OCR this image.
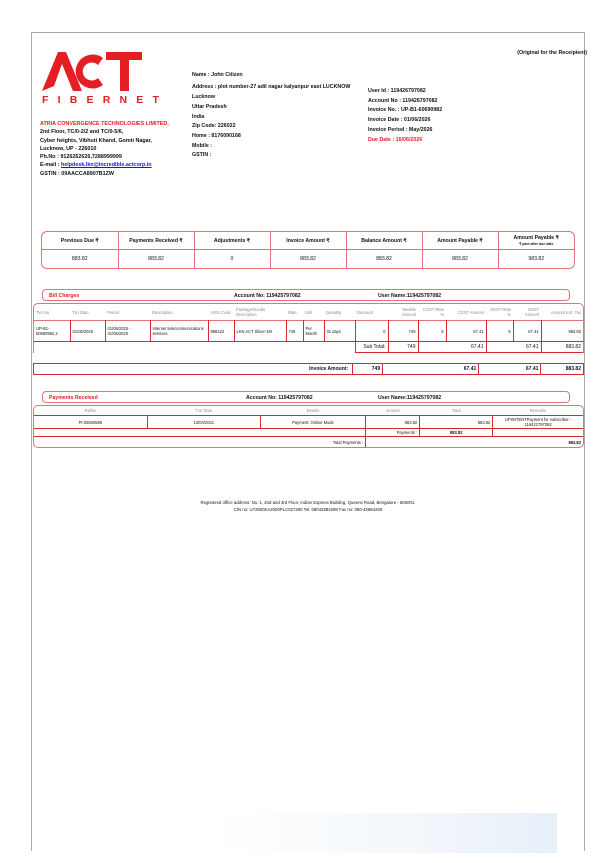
(Original for the Receipient)
FIBERNET
ATRIA CONVERGENCE TECHNOLOGIES LIMITED,
2nd Floor, TC/0-2/2 and TC/0-5/6,
Cyber heights, Vibhuti Khand, Gomti Nagar,
Lucknow, UP - 226010
Ph.No : 9126262626,7288999999
E-mail : helpdesk.lkn@incredible.actcorp.in
GSTIN : 09AACCA8907B1ZW
Name : John Citizen
Address : plot number-27 adil nagar kalyanpur east LUCKNOW
Lucknow
Uttar Pradesh
India
Zip Code: 226022
Home : 8176090168
Mobile :
GSTIN :
User Id : 119426797082
Account No : 119426797082
Invoice No. : UP-B1-60690982
Invoice Date : 01/06/2026
Invoice Period : May/2026
Due Date : 16/06/2026
Previous Due ₹	Payments Received ₹	Adjustments ₹	Invoice Amount ₹	Balance Amount ₹	Amount Payable ₹	Amount Payable ₹
₹ paid after due date

883.82	883.82	0	883.82	883.82	883.82	983.82
Bill Charges	Account No: 119425797082	User Name:119425797082
Txn No	Txn Date	Period	Description	HSN Code	Package/Goods Description	Rate	Unit	Quantity	Discount	Taxable Amount	CGST Rate %	CGST Amount	SGST Rate %	SGST Amount	Amount Incl. Tax
UP-B1-50590982,2	01/05/2025	01/05/2025 - 31/05/2025	Internet telecommunications services	998422	LKN ACT Silver-1M	749	Per Month	31 days	0	749	9	67.41	9	67.41	883.82
									Sub Total:	749	67.41		67.41		883.82
Invoice Amount:	749	67.41	67.41	883.82
Payments Received	Account No: 119425797082	User Name:119425797082
RefNo	Txn Date	Details	Amount	Total	Remarks
PI-25660585	13/04/2021	Payment: Online Mode	883.82	883.82	UPIINTENTPayment for subscriber - 119421797082
			Payments :	883.82	
		Total Payments :	883.82		
Registered office address: No. 1, 2nd and 3rd Floor, Indian Express Building, Queens Road, Bengalore - 560001.
CIN no: U72900KA2000PLC027290 Tel: 08042884288 Fax no: 080-42884200
